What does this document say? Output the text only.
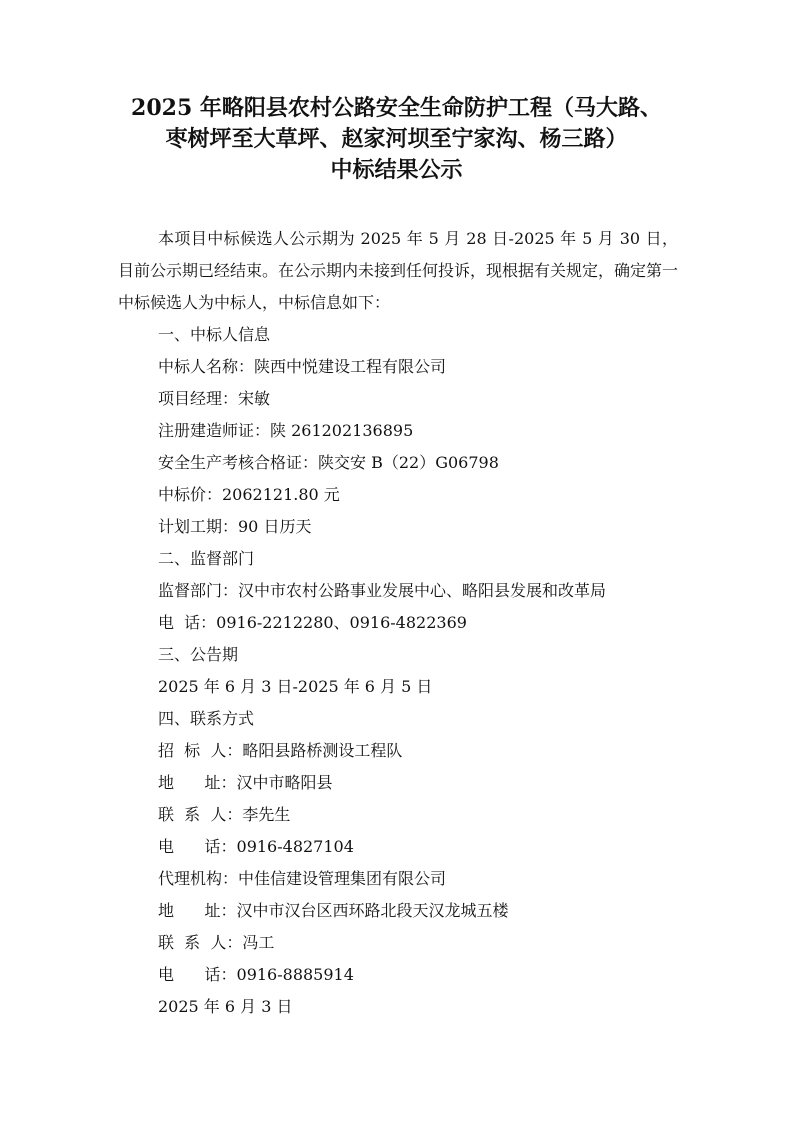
2025 年略阳县农村公路安全生命防护工程（马大路、
枣树坪至大草坪、赵家河坝至宁家沟、杨三路）
中标结果公示
本项目中标候选人公示期为 2025 年 5 月 28 日-2025 年 5 月 30 日，目前公示期已经结束。在公示期内未接到任何投诉，现根据有关规定，确定第一中标候选人为中标人，中标信息如下：
一、中标人信息
中标人名称：陕西中悦建设工程有限公司
项目经理：宋敏
注册建造师证：陕 261202136895
安全生产考核合格证：陕交安 B（22）G06798
中标价：2062121.80 元
计划工期：90 日历天
二、监督部门
监督部门：汉中市农村公路事业发展中心、略阳县发展和改革局
电  话：0916-2212280、0916-4822369
三、公告期
2025 年 6 月 3 日-2025 年 6 月 5 日
四、联系方式
招  标  人：略阳县路桥测设工程队
地      址：汉中市略阳县
联  系  人：李先生
电      话：0916-4827104
代理机构：中佳信建设管理集团有限公司
地      址：汉中市汉台区西环路北段天汉龙城五楼
联  系  人：冯工
电      话：0916-8885914
2025 年 6 月 3 日
